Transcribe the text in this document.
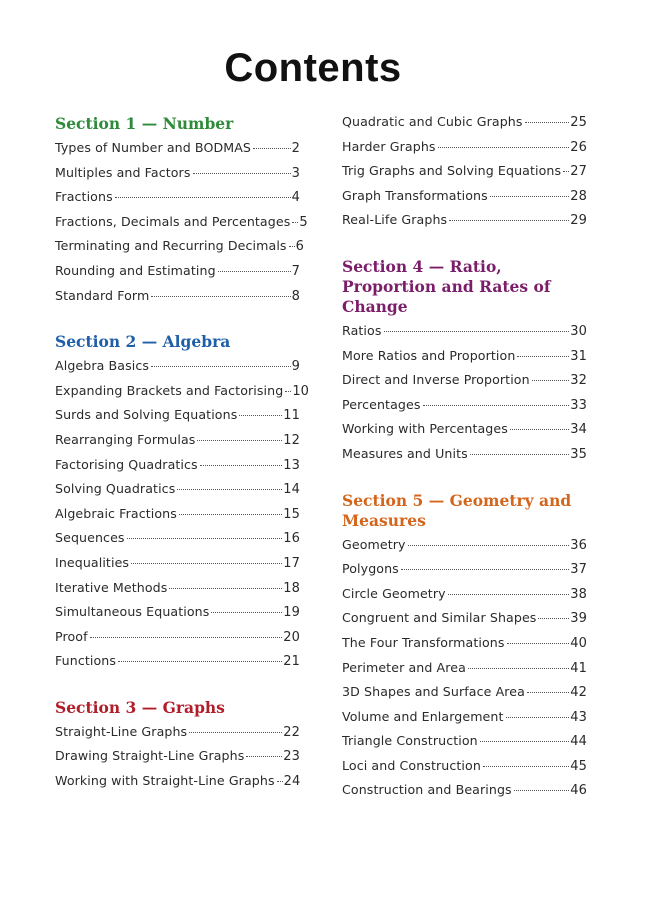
Contents
Section 1 — Number
Types of Number and BODMAS	2
Multiples and Factors	3
Fractions	4
Fractions, Decimals and Percentages 5
Terminating and Recurring Decimals 6
Rounding and Estimating	7
Standard Form	8
Section 2 — Algebra
Algebra Basics	9
Expanding Brackets and Factorising 10
Surds and Solving Equations	11
Rearranging Formulas	12
Factorising Quadratics	13
Solving Quadratics	14
Algebraic Fractions	15
Sequences	16
Inequalities	17
Iterative Methods	18
Simultaneous Equations	19
Proof	20
Functions	21
Section 3 — Graphs
Straight-Line Graphs	22
Drawing Straight-Line Graphs	23
Working with Straight-Line Graphs 24
Quadratic and Cubic Graphs	25
Harder Graphs	26
Trig Graphs and Solving Equations 27
Graph Transformations	28
Real-Life Graphs	29
Section 4 — Ratio, Proportion and Rates of Change
Ratios	30
More Ratios and Proportion	31
Direct and Inverse Proportion	32
Percentages	33
Working with Percentages	34
Measures and Units	35
Section 5 — Geometry and Measures
Geometry	36
Polygons	37
Circle Geometry	38
Congruent and Similar Shapes	39
The Four Transformations	40
Perimeter and Area	41
3D Shapes and Surface Area	42
Volume and Enlargement	43
Triangle Construction	44
Loci and Construction	45
Construction and Bearings	46
